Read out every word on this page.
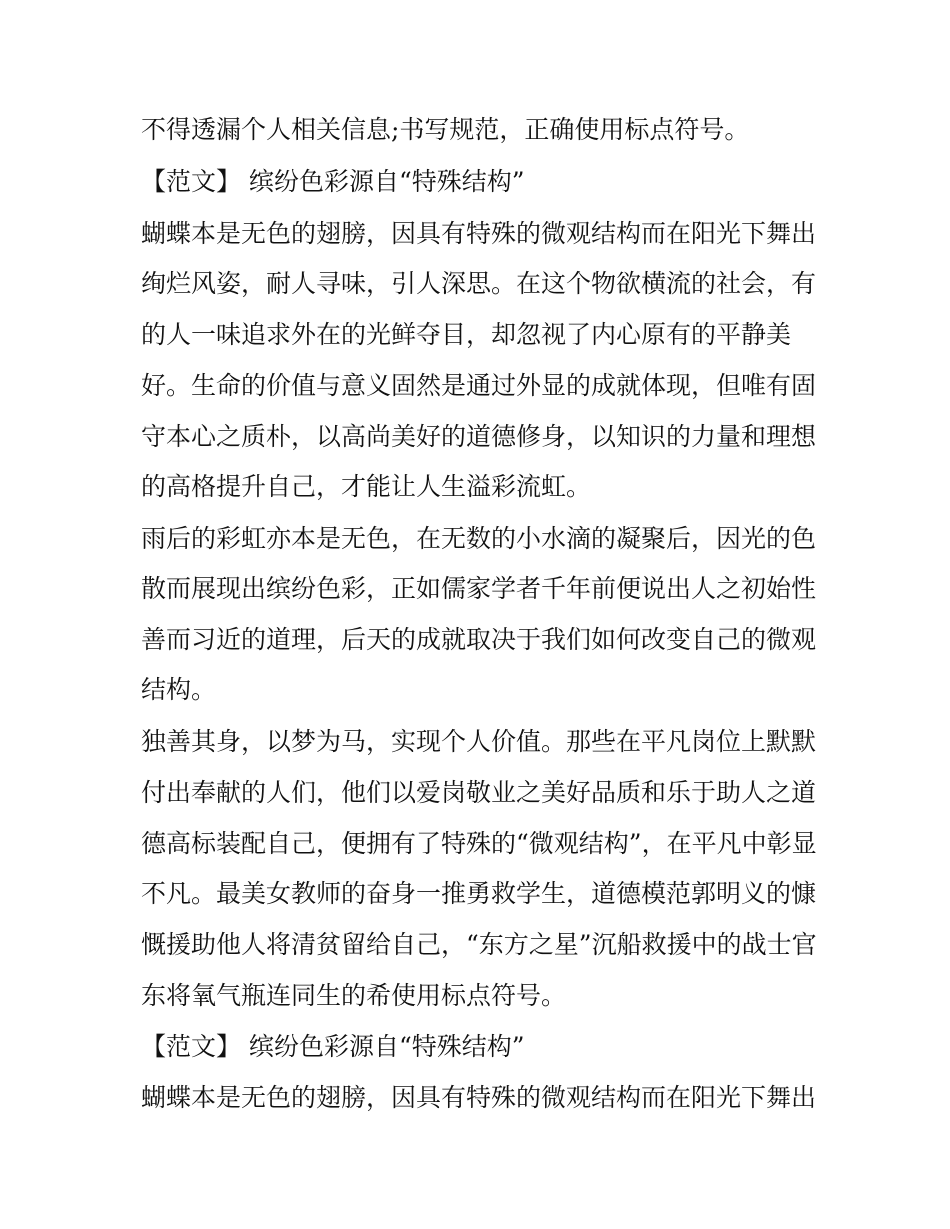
不得透漏个人相关信息;书写规范，正确使用标点符号。
【范文】 缤纷色彩源自“特殊结构”
蝴蝶本是无色的翅膀，因具有特殊的微观结构而在阳光下舞出
绚烂风姿，耐人寻味，引人深思。在这个物欲横流的社会，有
的人一味追求外在的光鲜夺目，却忽视了内心原有的平静美
好。生命的价值与意义固然是通过外显的成就体现，但唯有固
守本心之质朴，以高尚美好的道德修身，以知识的力量和理想
的高格提升自己，才能让人生溢彩流虹。
雨后的彩虹亦本是无色，在无数的小水滴的凝聚后，因光的色
散而展现出缤纷色彩，正如儒家学者千年前便说出人之初始性
善而习近的道理，后天的成就取决于我们如何改变自己的微观
结构。
独善其身，以梦为马，实现个人价值。那些在平凡岗位上默默
付出奉献的人们，他们以爱岗敬业之美好品质和乐于助人之道
德高标装配自己，便拥有了特殊的“微观结构”，在平凡中彰显
不凡。最美女教师的奋身一推勇救学生，道德模范郭明义的慷
慨援助他人将清贫留给自己，“东方之星”沉船救援中的战士官
东将氧气瓶连同生的希使用标点符号。
【范文】 缤纷色彩源自“特殊结构”
蝴蝶本是无色的翅膀，因具有特殊的微观结构而在阳光下舞出
